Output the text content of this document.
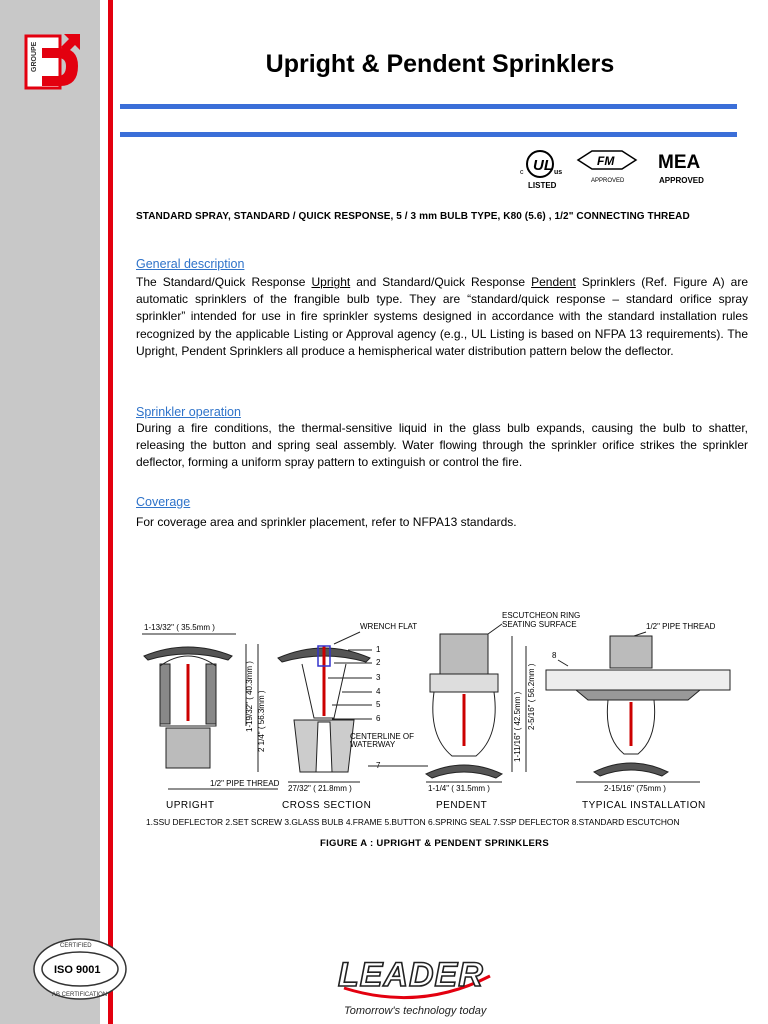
GROUPE	Upright & Pendent Sprinklers
UL
c	us
LISTED
FM
APPROVED
MEA
APPROVED
STANDARD SPRAY, STANDARD / QUICK RESPONSE, 5 / 3 mm BULB TYPE, K80 (5.6) , 1/2" CONNECTING THREAD
General description
The Standard/Quick Response Upright and Standard/Quick Response Pendent Sprinklers (Ref. Figure A) are automatic sprinklers of the frangible bulb type. They are “standard/quick response – standard orifice spray sprinkler” intended for use in fire sprinkler systems designed in accordance with the standard installation rules recognized by the applicable Listing or Approval agency (e.g., UL Listing is based on NFPA 13 requirements). The Upright, Pendent Sprinklers all produce a hemispherical water distribution pattern below the deflector.
Sprinkler operation
During a fire conditions, the thermal-sensitive liquid in the glass bulb expands, causing the bulb to shatter, releasing the button and spring seal assembly. Water flowing through the sprinkler orifice strikes the sprinkler deflector, forming a uniform spray pattern to extinguish or control the fire.
Coverage
For coverage area and sprinkler placement, refer to NFPA13 standards.
1-13/32" ( 35.5mm )
1-19/32" ( 40.3mm ) 2 1/4" ( 56.3mm )
1/2" PIPE THREAD
27/32" ( 21.8mm )
WRENCH FLAT
1
2
3
4
5
6
7
CENTERLINE OF
WATERWAY
ESCUTCHEON RING
SEATING SURFACE
1-11/16" ( 42.5mm ) 2-5/16" ( 56.2mm )
1-1/4" ( 31.5mm )
1/2" PIPE THREAD
8
2-15/16" (75mm )
UPRIGHT	CROSS SECTION	PENDENT	TYPICAL INSTALLATION
1.SSU DEFLECTOR 2.SET SCREW 3.GLASS BULB 4.FRAME 5.BUTTON 6.SPRING SEAL 7.SSP DEFLECTOR 8.STANDARD ESCUTCHON
FIGURE A : UPRIGHT & PENDENT SPRINKLERS
CERTIFIED
ISO 9001
AB CERTIFICATION
LEADER
Tomorrow's technology today
